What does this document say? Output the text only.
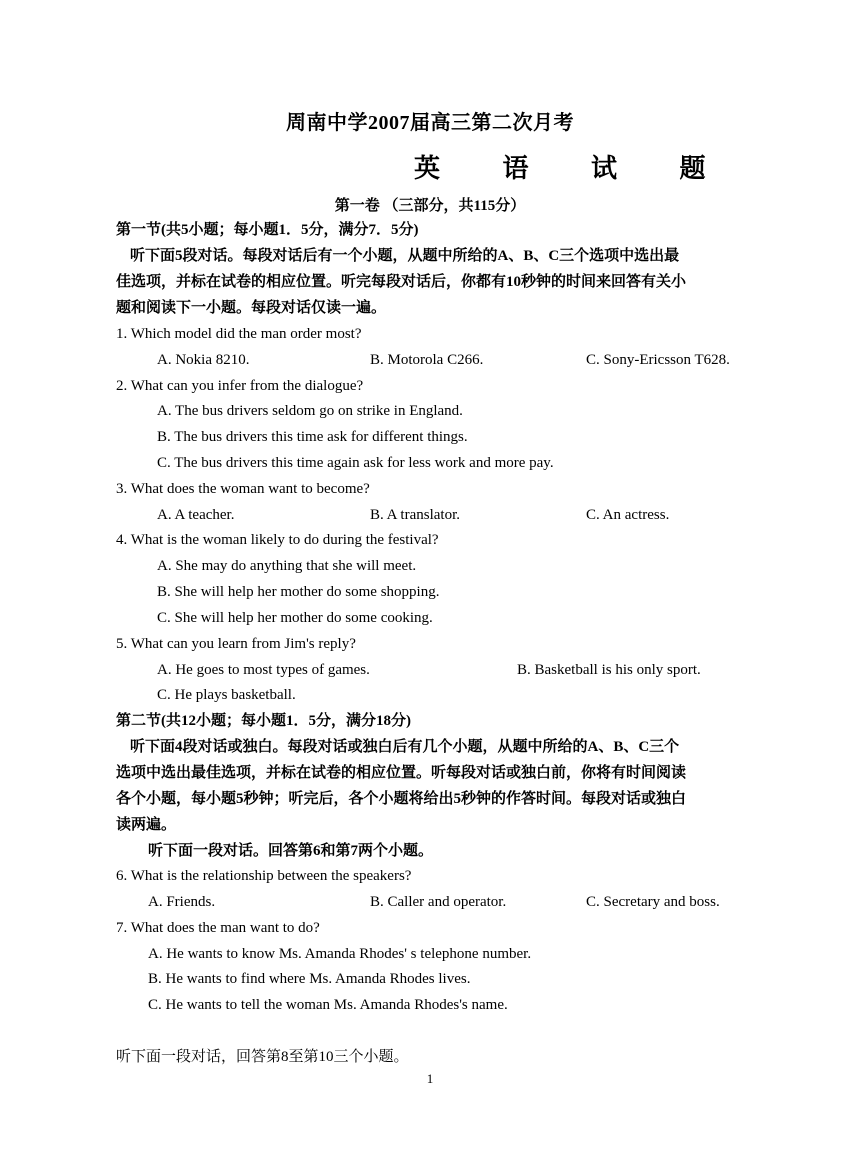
周南中学2007届高三第二次月考
英 语 试 题
第一卷 （三部分，共115分）
第一节(共5小题；每小题1．5分，满分7．5分)
听下面5段对话。每段对话后有一个小题，从题中所给的A、B、C三个选项中选出最
佳选项，并标在试卷的相应位置。听完每段对话后，你都有10秒钟的时间来回答有关小
题和阅读下一小题。每段对话仅读一遍。
1. Which model did the man order most?
A. Nokia 8210.	B. Motorola C266.	C. Sony-Ericsson T628.
2. What can you infer from the dialogue?
A. The bus drivers seldom go on strike in England.
B. The bus drivers this time ask for different things.
C. The bus drivers this time again ask for less work and more pay.
3. What does the woman want to become?
A. A teacher.	B. A translator.	C. An actress.
4. What is the woman likely to do during the festival?
A. She may do anything that she will meet.
B. She will help her mother do some shopping.
C. She will help her mother do some cooking.
5. What can you learn from Jim's reply?
A. He goes to most types of games.	B. Basketball is his only sport.
C. He plays basketball.
第二节(共12小题；每小题1．5分，满分18分)
听下面4段对话或独白。每段对话或独白后有几个小题，从题中所给的A、B、C三个
选项中选出最佳选项，并标在试卷的相应位置。听每段对话或独白前，你将有时间阅读
各个小题，每小题5秒钟；听完后，各个小题将给出5秒钟的作答时间。每段对话或独白
读两遍。
听下面一段对话。回答第6和第7两个小题。
6. What is the relationship between the speakers?
A. Friends.	B. Caller and operator.	C. Secretary and boss.
7. What does the man want to do?
A. He wants to know Ms. Amanda Rhodes' s telephone number.
B. He wants to find where Ms. Amanda Rhodes lives.
C. He wants to tell the woman Ms. Amanda Rhodes's name.
听下面一段对话，回答第8至第10三个小题。
1
